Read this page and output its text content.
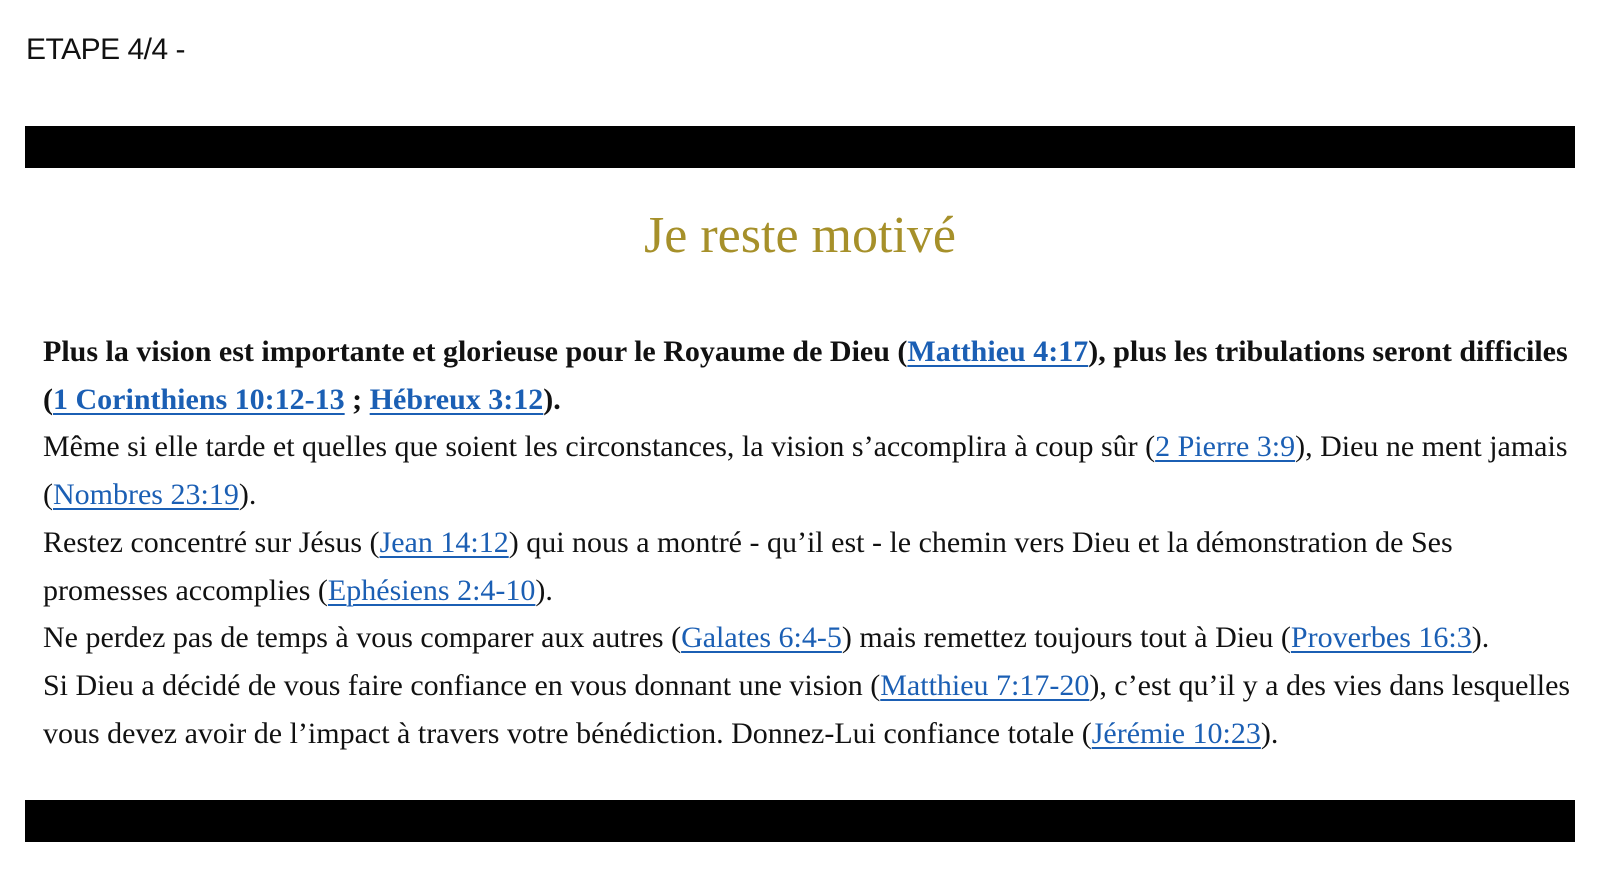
ETAPE 4/4 -
Je reste motivé

Plus la vision est importante et glorieuse pour le Royaume de Dieu (Matthieu 4:17), plus les tribulations seront difficiles (1 Corinthiens 10:12-13 ; Hébreux 3:12).

Même si elle tarde et quelles que soient les circonstances, la vision s’accomplira à coup sûr (2 Pierre 3:9), Dieu ne ment jamais (Nombres 23:19).

Restez concentré sur Jésus (Jean 14:12) qui nous a montré - qu’il est - le chemin vers Dieu et la démonstration de Ses promesses accomplies (Ephésiens 2:4-10).

Ne perdez pas de temps à vous comparer aux autres (Galates 6:4-5) mais remettez toujours tout à Dieu (Proverbes 16:3).

Si Dieu a décidé de vous faire confiance en vous donnant une vision (Matthieu 7:17-20), c’est qu’il y a des vies dans lesquelles vous devez avoir de l’impact à travers votre bénédiction. Donnez-Lui confiance totale (Jérémie 10:23).
